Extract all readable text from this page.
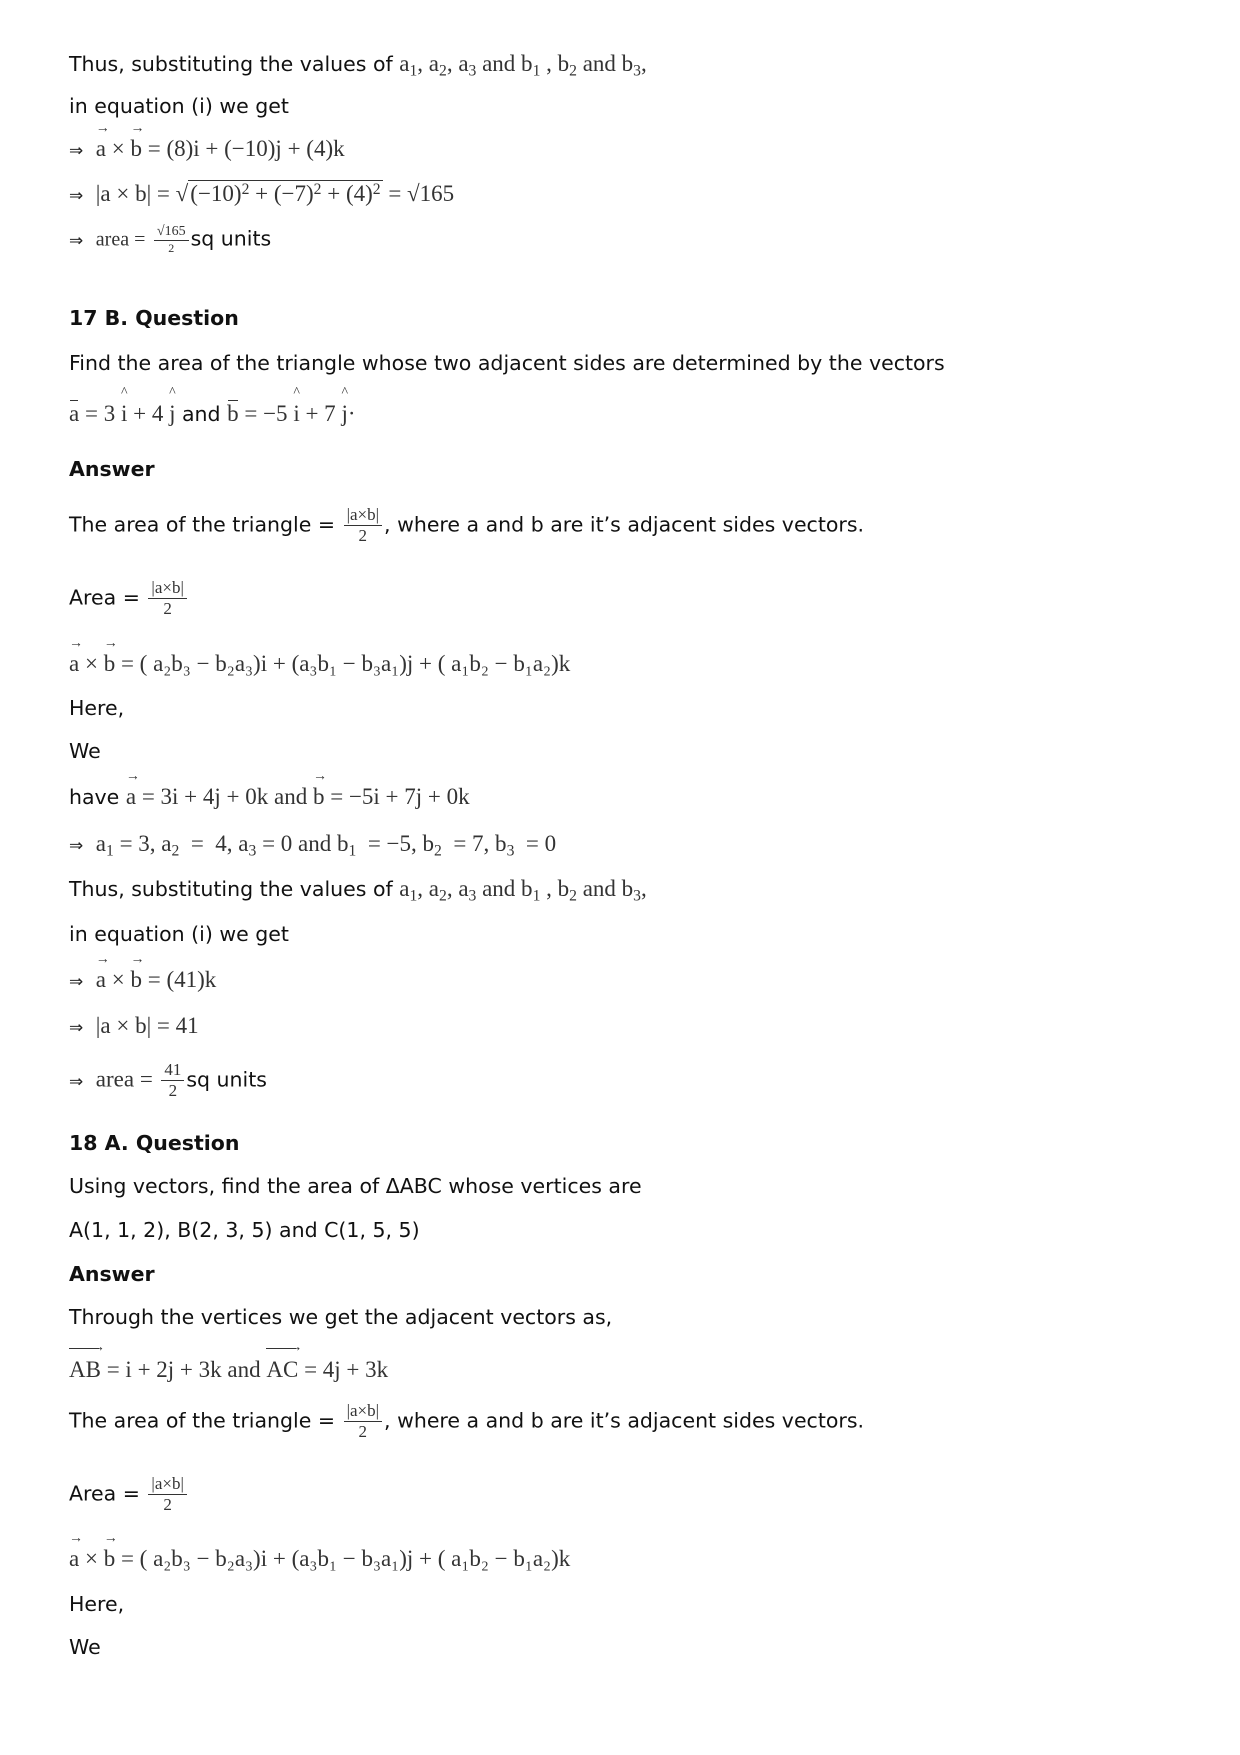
Thus, substituting the values of $a_1$, $a_2$, $a_3$ and $b_1$ , $b_2$ and $b_3$,
in equation (i) we get
⇒ → a × → b = (8)i + (−10)j + (4)k
⇒ $|a \times b| = √(-10)^2 + (-7)^2 + (4)^2 = √165$
⇒ area = $\frac{√165}{2}$ sq units
17 B. Question
Find the area of the triangle whose two adjacent sides are determined by the vectors
a = 3 ^ i + 4 ^ j and b = −5 ^ i + 7 ^ j·
Answer
The area of the triangle = $\frac{|a\times b|}{2}$ , where a and b are it’s adjacent sides vectors.
Area = $\frac{|a\times b|}{2}$
→ a × → b = ( a₂b₃ − b₂a₃)i + (a₃b₁ − b₃a₁)j + ( a₁b₂ − b₁a₂)k
Here,
We
have → a = 3i + 4j + 0k and → b = −5i + 7j + 0k
⇒ $a_1 = 3$, $a_2 = 4$, $a_3 = 0$ and $b_1 = -5$, $b_2 = 7$, $b_3 = 0$
Thus, substituting the values of $a_1$, $a_2$, $a_3$ and $b_1$ , $b_2$ and $b_3$,
in equation (i) we get
⇒ → a × → b = (41)k
⇒ |a × b| = 41
⇒ area = $\frac{41}{2}$ sq units
18 A. Question
Using vectors, find the area of ΔABC whose vertices are
A(1, 1, 2), B(2, 3, 5) and C(1, 5, 5)
Answer
Through the vertices we get the adjacent vectors as,
→ AB = i + 2j + 3k and → AC = 4j + 3k
The area of the triangle = $\frac{|a\times b|}{2}$ , where a and b are it’s adjacent sides vectors.
Area = $\frac{|a\times b|}{2}$
→ a × → b = ( a₂b₃ − b₂a₃)i + (a₃b₁ − b₃a₁)j + ( a₁b₂ − b₁a₂)k
Here,
We
